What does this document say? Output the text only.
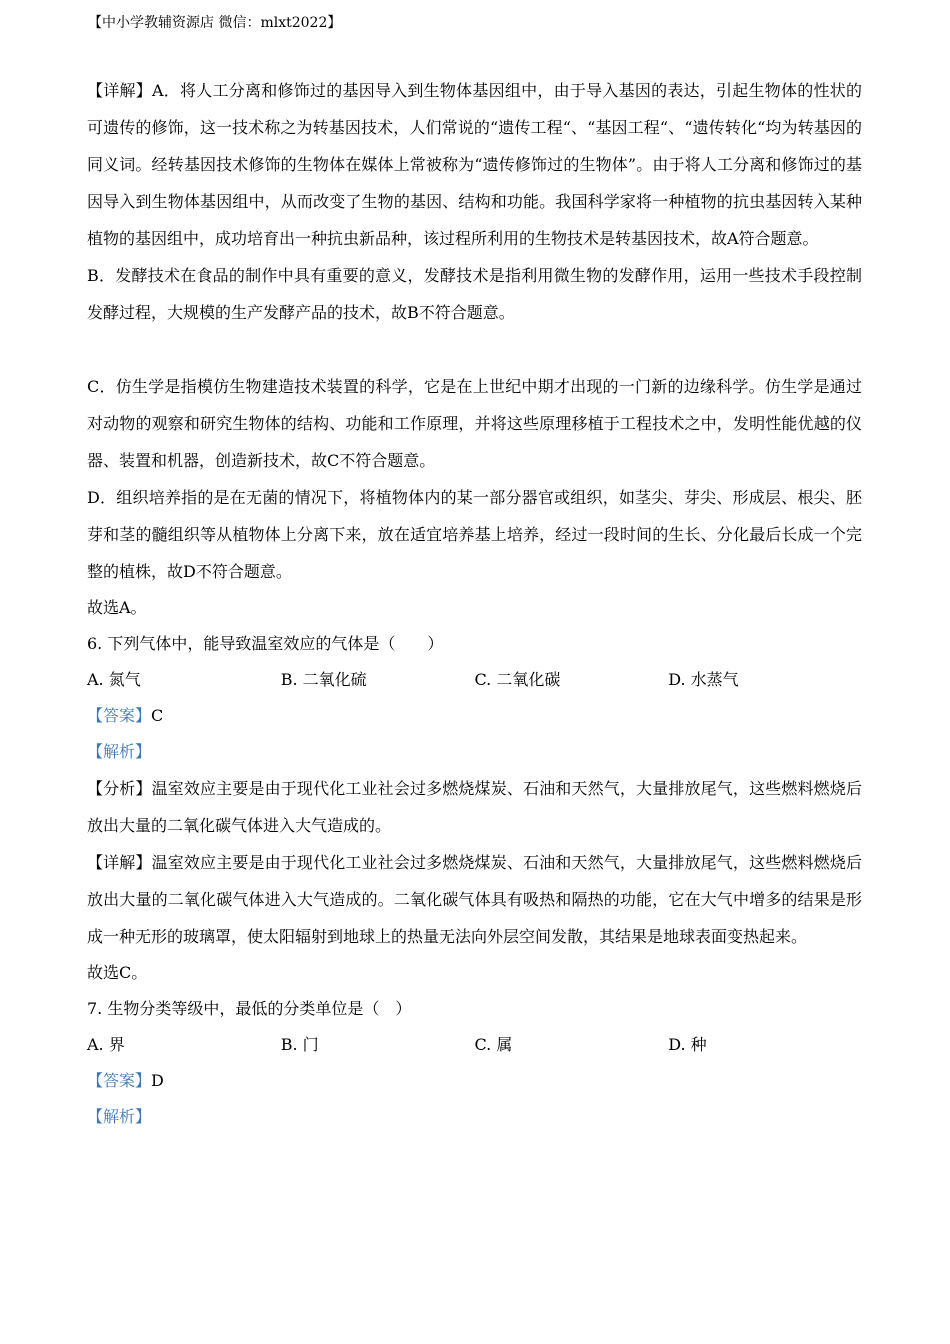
【中小学教辅资源店 微信：mlxt2022】

【详解】A．将人工分离和修饰过的基因导入到生物体基因组中，由于导入基因的表达，引起生物体的性状的可遗传的修饰，这一技术称之为转基因技术，人们常说的“遗传工程“、“基因工程“、“遗传转化“均为转基因的同义词。经转基因技术修饰的生物体在媒体上常被称为“遗传修饰过的生物体”。由于将人工分离和修饰过的基因导入到生物体基因组中，从而改变了生物的基因、结构和功能。我国科学家将一种植物的抗虫基因转入某种植物的基因组中，成功培育出一种抗虫新品种，该过程所利用的生物技术是转基因技术，故A符合题意。

B．发酵技术在食品的制作中具有重要的意义，发酵技术是指利用微生物的发酵作用，运用一些技术手段控制发酵过程，大规模的生产发酵产品的技术，故B不符合题意。

C．仿生学是指模仿生物建造技术装置的科学，它是在上世纪中期才出现的一门新的边缘科学。仿生学是通过对动物的观察和研究生物体的结构、功能和工作原理，并将这些原理移植于工程技术之中，发明性能优越的仪器、装置和机器，创造新技术，故C不符合题意。

D．组织培养指的是在无菌的情况下，将植物体内的某一部分器官或组织，如茎尖、芽尖、形成层、根尖、胚芽和茎的髓组织等从植物体上分离下来，放在适宜培养基上培养，经过一段时间的生长、分化最后长成一个完整的植株，故D不符合题意。

故选A。

6. 下列气体中，能导致温室效应的气体是（　　）

A. 氮气	B. 二氧化硫	C. 二氧化碳	D. 水蒸气

【答案】C

【解析】

【分析】温室效应主要是由于现代化工业社会过多燃烧煤炭、石油和天然气，大量排放尾气，这些燃料燃烧后放出大量的二氧化碳气体进入大气造成的。

【详解】温室效应主要是由于现代化工业社会过多燃烧煤炭、石油和天然气，大量排放尾气，这些燃料燃烧后放出大量的二氧化碳气体进入大气造成的。二氧化碳气体具有吸热和隔热的功能，它在大气中增多的结果是形成一种无形的玻璃罩，使太阳辐射到地球上的热量无法向外层空间发散，其结果是地球表面变热起来。

故选C。

7. 生物分类等级中，最低的分类单位是（　）

A. 界	B. 门	C. 属	D. 种

【答案】D

【解析】
